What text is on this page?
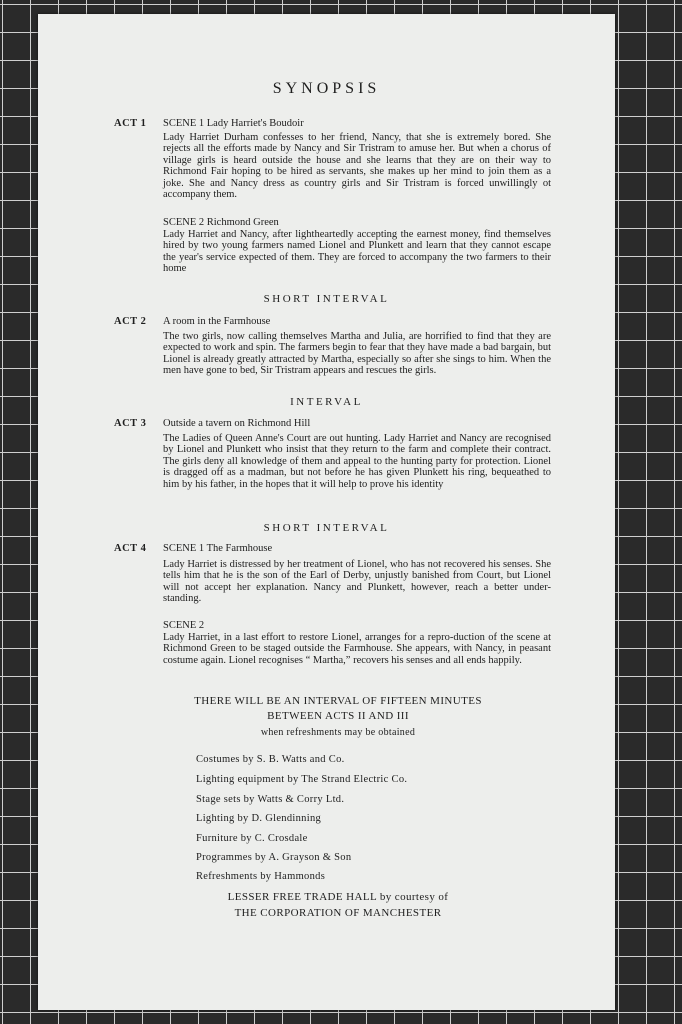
SYNOPSIS
ACT 1 SCENE 1 Lady Harriet's Boudoir
Lady Harriet Durham confesses to her friend, Nancy, that she is extremely bored. She rejects all the efforts made by Nancy and Sir Tristram to amuse her. But when a chorus of village girls is heard outside the house and she learns that they are on their way to Richmond Fair hoping to be hired as servants, she makes up her mind to join them as a joke. She and Nancy dress as country girls and Sir Tristram is forced unwillingly ot accompany them.
SCENE 2 Richmond Green
Lady Harriet and Nancy, after lightheartedly accepting the earnest money, find themselves hired by two young farmers named Lionel and Plunkett and learn that they cannot escape the year's service expected of them. They are forced to accompany the two farmers to their home
SHORT INTERVAL
ACT 2 A room in the Farmhouse
The two girls, now calling themselves Martha and Julia, are horrified to find that they are expected to work and spin. The farmers begin to fear that they have made a bad bargain, but Lionel is already greatly attracted by Martha, especially so after she sings to him. When the men have gone to bed, Sir Tristram appears and rescues the girls.
INTERVAL
ACT 3 Outside a tavern on Richmond Hill
The Ladies of Queen Anne's Court are out hunting. Lady Harriet and Nancy are recognised by Lionel and Plunkett who insist that they return to the farm and complete their contract. The girls deny all knowledge of them and appeal to the hunting party for protection. Lionel is dragged off as a madman, but not before he has given Plunkett his ring, bequeathed to him by his father, in the hopes that it will help to prove his identity
SHORT INTERVAL
ACT 4 SCENE 1 The Farmhouse
Lady Harriet is distressed by her treatment of Lionel, who has not recovered his senses. She tells him that he is the son of the Earl of Derby, unjustly banished from Court, but Lionel will not accept her explanation. Nancy and Plunkett, however, reach a better under-standing.
SCENE 2
Lady Harriet, in a last effort to restore Lionel, arranges for a repro-duction of the scene at Richmond Green to be staged outside the Farmhouse. She appears, with Nancy, in peasant costume again. Lionel recognises “ Martha,” recovers his senses and all ends happily.
THERE WILL BE AN INTERVAL OF FIFTEEN MINUTES
BETWEEN ACTS II AND III
when refreshments may be obtained
Costumes by S. B. Watts and Co.
Lighting equipment by The Strand Electric Co.
Stage sets by Watts & Corry Ltd.
Lighting by D. Glendinning
Furniture by C. Crosdale
Programmes by A. Grayson & Son
Refreshments by Hammonds
LESSER FREE TRADE HALL by courtesy of
THE CORPORATION OF MANCHESTER
